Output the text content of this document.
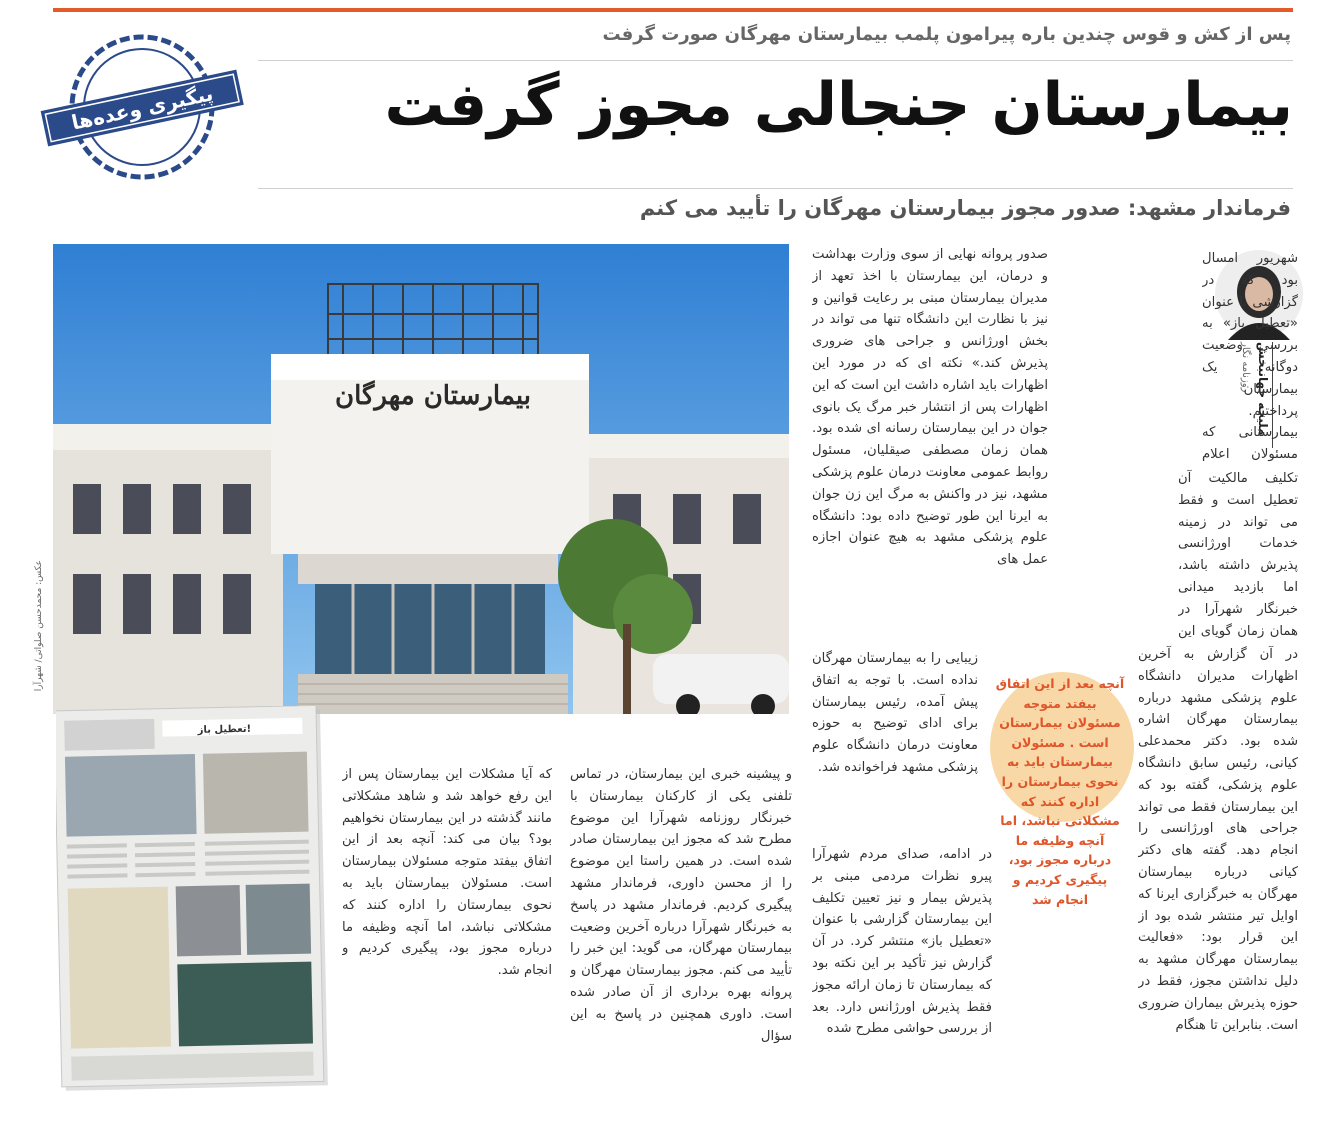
پیگیری وعده‌ها
پس از کش و قوس چندین باره پیرامون پلمب بیمارستان مهرگان صورت گرفت
بیمارستان جنجالی مجوز گرفت
فرماندار مشهد: صدور مجوز بیمارستان مهرگان را تأیید می کنم
بیمارستان مهرگان
عکس: محمدحسن صلواتی/ شهرآرا
تعطیل باز!
ملیحه جهانبخش
روزنامه نگار

شهریور امسال بود که در گزارشی با عنوان «تعطیل باز» به بررسی وضعیت دوگانه یک بیمارستان پرداختیم. بیمارستانی که مسئولان اعلام

تکلیف مالکیت آن تعطیل است و فقط می تواند در زمینه خدمات اورژانسی پذیرش داشته باشد، اما بازدید میدانی خبرنگار شهرآرا در همان زمان گویای این

در آن گزارش به آخرین اظهارات مدیران دانشگاه علوم پزشکی مشهد درباره بیمارستان مهرگان اشاره شده بود. دکتر محمدعلی کیانی، رئیس سابق دانشگاه علوم پزشکی، گفته بود که این بیمارستان فقط می تواند جراحی های اورژانسی را انجام دهد. گفته های دکتر کیانی درباره بیمارستان مهرگان به خبرگزاری ایرنا که اوایل تیر منتشر شده بود از این قرار بود: «فعالیت بیمارستان مهرگان مشهد به دلیل نداشتن مجوز، فقط در حوزه پذیرش بیماران ضروری است. بنابراین تا هنگام

آنچه بعد از این اتفاق بیفتد متوجه مسئولان بیمارستان است . مسئولان بیمارستان باید به نحوی بیمارستان را اداره کنند که مشکلاتی نباشد، اما آنچه وظیفه ما درباره مجوز بود، پیگیری کردیم و انجام شد

صدور پروانه نهایی از سوی وزارت بهداشت و درمان، این بیمارستان با اخذ تعهد از مدیران بیمارستان مبنی بر رعایت قوانین و نیز با نظارت این دانشگاه تنها می تواند در بخش اورژانس و جراحی های ضروری پذیرش کند.» نکته ای که در مورد این اظهارات باید اشاره داشت این است که این اظهارات پس از انتشار خبر مرگ یک بانوی جوان در این بیمارستان رسانه ای شده بود. همان زمان مصطفی صیقلیان، مسئول روابط عمومی معاونت درمان علوم پزشکی مشهد، نیز در واکنش به مرگ این زن جوان به ایرنا این طور توضیح داده بود: دانشگاه علوم پزشکی مشهد به هیچ عنوان اجازه عمل های

زیبایی را به بیمارستان مهرگان نداده است. با توجه به اتفاق پیش آمده، رئیس بیمارستان برای ادای توضیح به حوزه معاونت درمان دانشگاه علوم پزشکی مشهد فراخوانده شد.

در ادامه، صدای مردم شهرآرا پیرو نظرات مردمی مبنی بر پذیرش بیمار و نیز تعیین تکلیف این بیمارستان گزارشی با عنوان «تعطیل باز» منتشر کرد. در آن گزارش نیز تأکید بر این نکته بود که بیمارستان تا زمان ارائه مجوز فقط پذیرش اورژانس دارد. بعد از بررسی حواشی مطرح شده

و پیشینه خبری این بیمارستان، در تماس تلفنی یکی از کارکنان بیمارستان با خبرنگار روزنامه شهرآرا این موضوع مطرح شد که مجوز این بیمارستان صادر شده است. در همین راستا این موضوع را از محسن داوری، فرماندار مشهد پیگیری کردیم. فرماندار مشهد در پاسخ به خبرنگار شهرآرا درباره آخرین وضعیت بیمارستان مهرگان، می گوید: این خبر را تأیید می کنم. مجوز بیمارستان مهرگان و پروانه بهره برداری از آن صادر شده است. داوری همچنین در پاسخ به این سؤال

که آیا مشکلات این بیمارستان پس از این رفع خواهد شد و شاهد مشکلاتی مانند گذشته در این بیمارستان نخواهیم بود؟ بیان می کند: آنچه بعد از این اتفاق بیفتد متوجه مسئولان بیمارستان است. مسئولان بیمارستان باید به نحوی بیمارستان را اداره کنند که مشکلاتی نباشد، اما آنچه وظیفه ما درباره مجوز بود، پیگیری کردیم و انجام شد.
